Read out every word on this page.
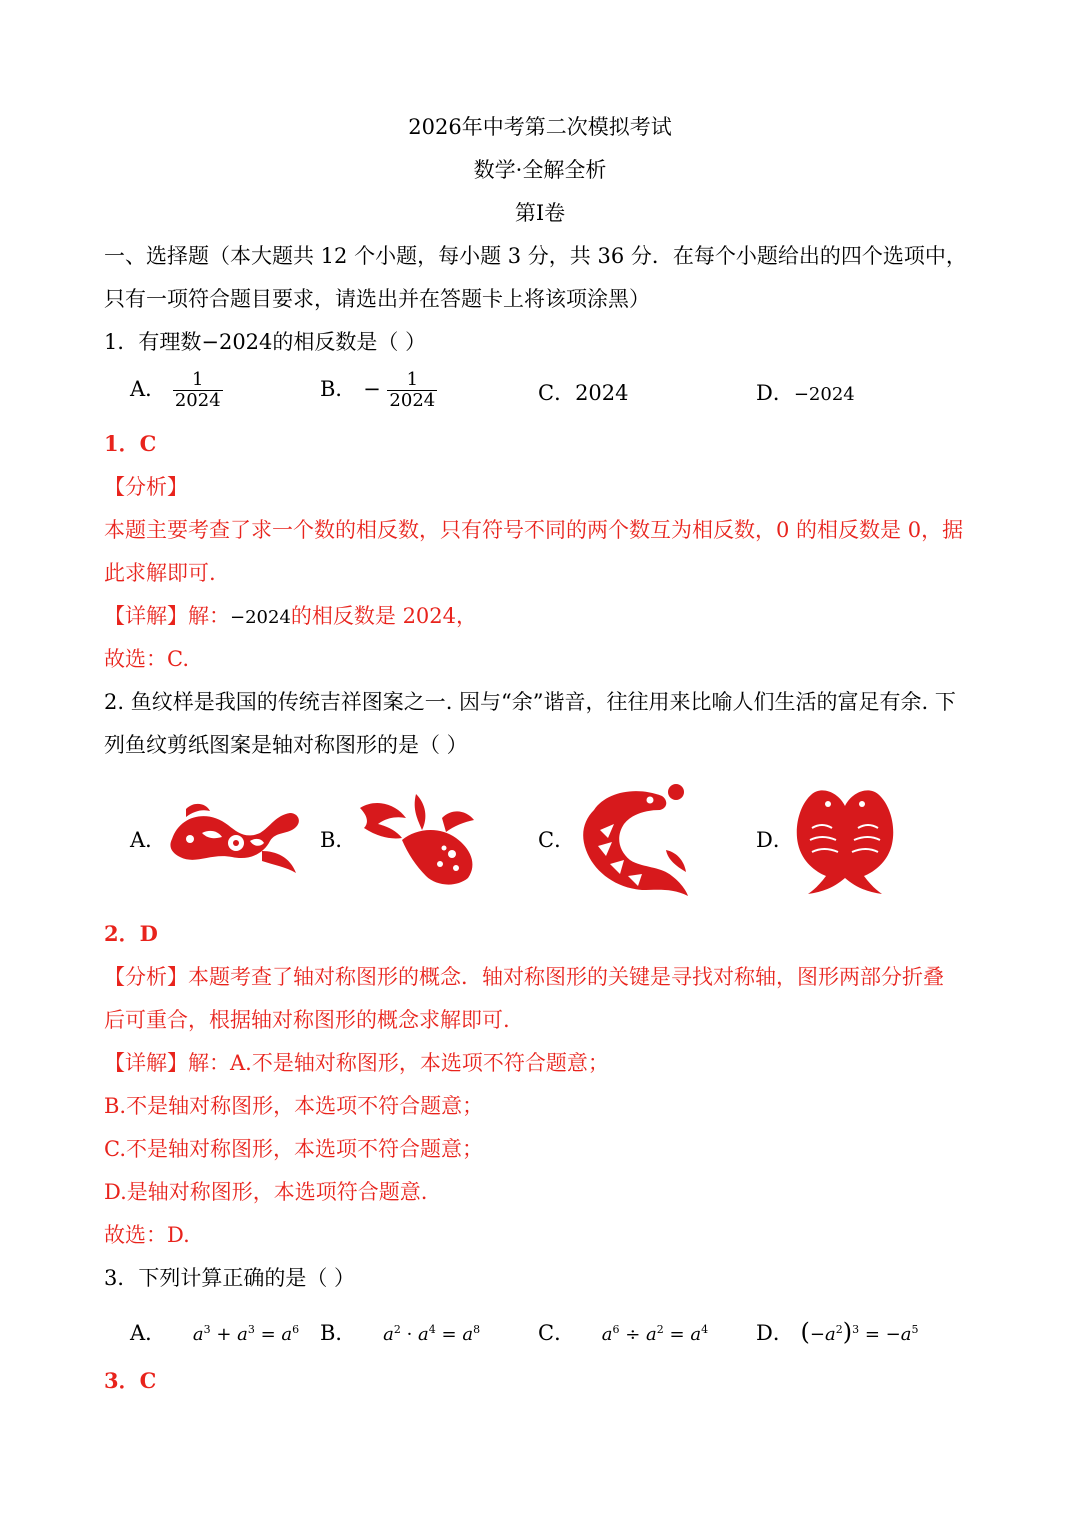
2026年中考第二次模拟考试
数学·全解全析
第Ⅰ卷
一、选择题（本大题共 12 个小题，每小题 3 分，共 36 分．在每个小题给出的四个选项中，
只有一项符合题目要求，请选出并在答题卡上将该项涂黑）
1．有理数−2024的相反数是（ ）
A． $\frac{1}{2024}$	B． − $\frac{1}{2024}$	C．2024	D．−2024
1．C
【分析】
本题主要考查了求一个数的相反数，只有符号不同的两个数互为相反数，0 的相反数是 0，据
此求解即可.
【详解】解：−2024的相反数是 2024，
故选：C.
2. 鱼纹样是我国的传统吉祥图案之一. 因与“余”谐音，往往用来比喻人们生活的富足有余. 下
列鱼纹剪纸图案是轴对称图形的是（ ）
A．	B．	C．	D．
2．D
【分析】本题考查了轴对称图形的概念．轴对称图形的关键是寻找对称轴，图形两部分折叠
后可重合，根据轴对称图形的概念求解即可.
【详解】解：A.不是轴对称图形，本选项不符合题意；
B.不是轴对称图形，本选项不符合题意；
C.不是轴对称图形，本选项不符合题意；
D.是轴对称图形，本选项符合题意.
故选：D.
3．下列计算正确的是（ ）
A． $a^3 + a^3 = a^6$ B． $a^2 \cdot a^4 = a^8$	C． $a^6 \div a^2 = a^4$ D． $(-a^2)^3 = -a^5$
3．C
